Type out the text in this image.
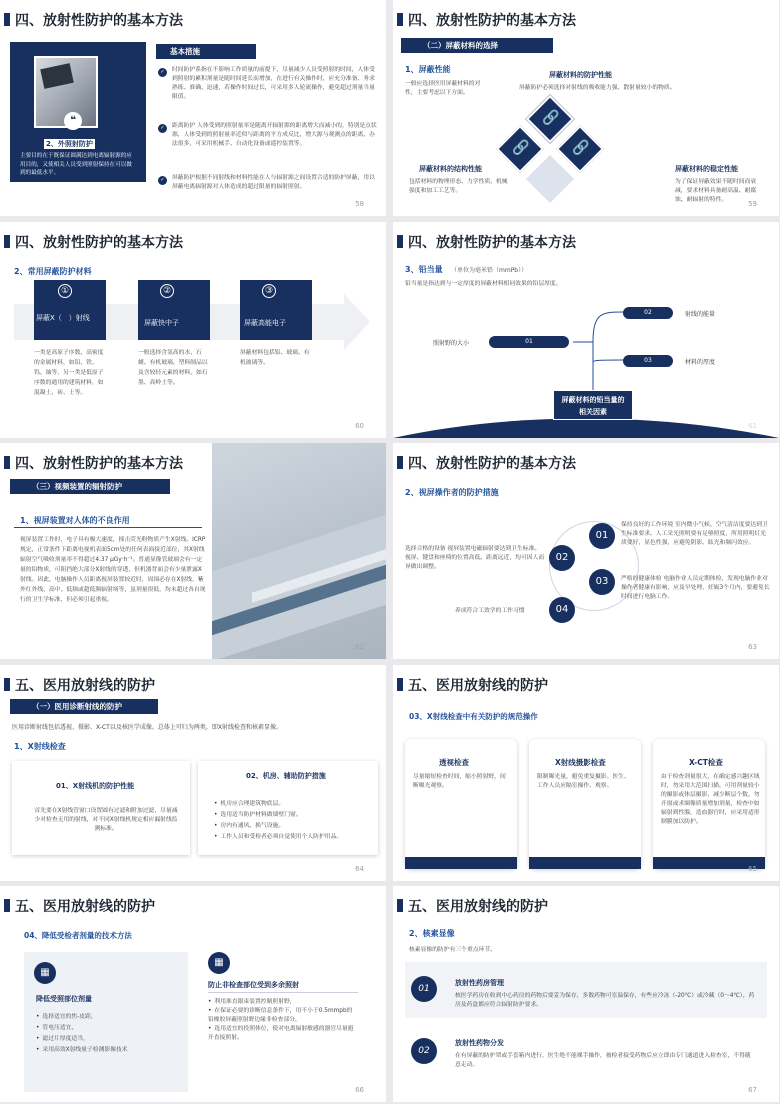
四、放射性防护的基本方法
❝
2、外照射防护
主要目的在于既保证圆满达到电离辐射源的应用目的，又使相关人员受到照射保持在可以做到的最低水平。
基本措施
✓	时间防护系指在不影响工作质量的前提下，尽量减少人员受照射的时间，人体受到照射的累积剂量是随时间延长而增加，在进行有关操作时，应充分准备、务求熟练、准确、迅速，若操作时间过长，可采用多人轮流操作，避免超过剂量当量限值。
✓	距离防护 人体受到的照射量率是随离开辐射源的距离增大而减小的，特别是点状源，人体受到的照射量率近似与距离的平方成反比，增大源与观测点的距离、办法很多，可采用机械手、自动化设备或遥控装置等。
✓	屏蔽防护根据不同射线和材料性能在人与辐射源之间设置合适的防护屏蔽，用以屏蔽电离辐射源对人体造成的超过限量的辐射照射。
58
四、放射性防护的基本方法
（二）屏蔽材料的选择
1、屏蔽性能
一般应选择医用屏蔽材料的对性，主要考虑以下方面。
🔗
🔗	🔗
屏蔽材料的防护性能
屏蔽防护必须选择对射线的吸收能力强、散射量较小的物质。
屏蔽材料的结构性能
包括材料的物理形态、力学性质、机械强度和加工工艺等。
屏蔽材料的稳定性能
为了保证屏蔽效果不随时间而衰减，要求材料具备耐高温、耐腐蚀、耐辐射的特性。	59
四、放射性防护的基本方法
2、常用屏蔽防护材料
①
屏蔽X（　）射线
一类是高原子序数、高密度的金属材料，如铅、铁、钨、铀等，另一类是低原子序数的通用的建筑材料，如混凝土、砖、土等。
②
屏蔽快中子
一般选择含氢高的水、石蜡、有机玻璃、塑料制品以及含较轻元素的材料，如石墨、高岭土等。
③
屏蔽高能电子
屏蔽材料包括铝、玻璃、有机玻璃等。
60
四、放射性防护的基本方法
3、铅当量 （单位为毫米铅（mmPb））
铅当量是指达到与一定厚度的屏蔽材料相同效果的铅层厚度。
01
照射野的大小
02	射线的能量
03	材料的厚度
屏蔽材料的铅当量的相关因素
61
四、放射性防护的基本方法
（三）视频装置的辐射防护
1、视屏装置对人体的不良作用
视屏装置工作时，电子具有极大速度，撞击荧光粉物质产生X射线。ICRP规定，正常条件下距离电视机表面5cm处的任何表面接近部位，其X射线辐射空气吸收剂量率不得超过4.37 μGy·h⁻¹。普通显像管玻璃会有一定量的铅物质，可阻挡绝大部分X射线的穿透，但机器背面会有少量泄露X射线。因此，电脑操作人员距离视屏装置较近时，周围必存在X射线，紫外红外线，高中、低频或超低频辐射场等，虽剂量很低，均未超过各自现行的卫生学标准，但必须引起重视。
62
四、放射性防护的基本方法
2、视屏操作者的防护措施
01
02
03
04
保持良好的工作环境 室内微小气候、空气清洁度要达到卫生标准要求。人工采光照明要有足够照度，所用照明灯光质要好，显色性强，应避免阴影、眩光和频闪效应。
选择合格的设备 视屏装置电磁辐射要达到卫生标准。视屏、键盘和座椅的位置高低、距离远近，均可因人而异做出调整。
严格的健康体检 电脑作业人员定期体检，发现电脑作业对操作者健康有影响，应及早处理，妊娠3个月内，要避免长时间进行电脑工作。
养成符合工效学的工作习惯
63
五、医用放射线的防护
（一）医用诊断射线的防护
医用诊断射线包括透视、摄影、X-CT以及核医学成像。总体上可归为两类，即X射线检查和核素显像。
1、X射线检查
01、X射线机的防护性能
首先要在X射线管窗口设置圆有过滤和附加过滤，尽量减少对检查无用的射线，对不同X射线机规定相应漏射线监测标准。
02、机房、辅助防护措施
• 机房应合理建筑物底层。
• 选用适当防护材料做墙壁门窗。
• 房内有通风、换气设施。
• 工作人员和受检者必须自觉使用个人防护用品。
64
五、医用放射线的防护
03、X射线检查中有关防护的规范操作
透视检查
尽量缩短检查时间，缩小照射野，间断曝光观察。
X射线摄影检查
限制曝光量，避免重复摄影。医生、工作人员应隔室操作、观察。
X-CT检查
由于检查剂量很大，在确定感兴趣区域时，勿采用大范围扫描，可用剂量较小的摄影或体层摄影，减少断层个数，勿开窗或求圈像质量增加剂量，检查中如辐射到性腺，造血器官时，应采用适形制膜加以防护。
65
五、医用放射线的防护
04、降低受检者剂量的技术方法
▦
降低受照部位剂量
• 选择适宜的焦-皮距，
• 管电压适宜，
• 滤过片厚度适当，
• 采用高效X射线量子检测影像技术
▦
防止非检查部位受到多余照射
• 利用准直限束装置控制照射野，
• 在保证必要的诊断信息条件下，用不小于0.5mmpb的铅橡胶屏蔽照射野边缘非检查部分，
• 选用适宜的投照体位，使对电离辐射敏感的器官尽量避开直接照射。
66
五、医用放射线的防护
2、核素显像
核素显像的防护有三个重点环节。
01
放射性药房管理
核医学药房在收到中心药房的药物后要妥为保存，多数药物可室温保存，有些应冷冻（-20℃）或冷藏（0～4℃），药房及药盒都应符合辐射防护要求。
02
放射性药物分发
在有屏蔽的防护罩或手套箱内进行，医生绝不能裸手操作，被检者接受药物后应立即由专门通道进入检查室，不得随意走动。
67
